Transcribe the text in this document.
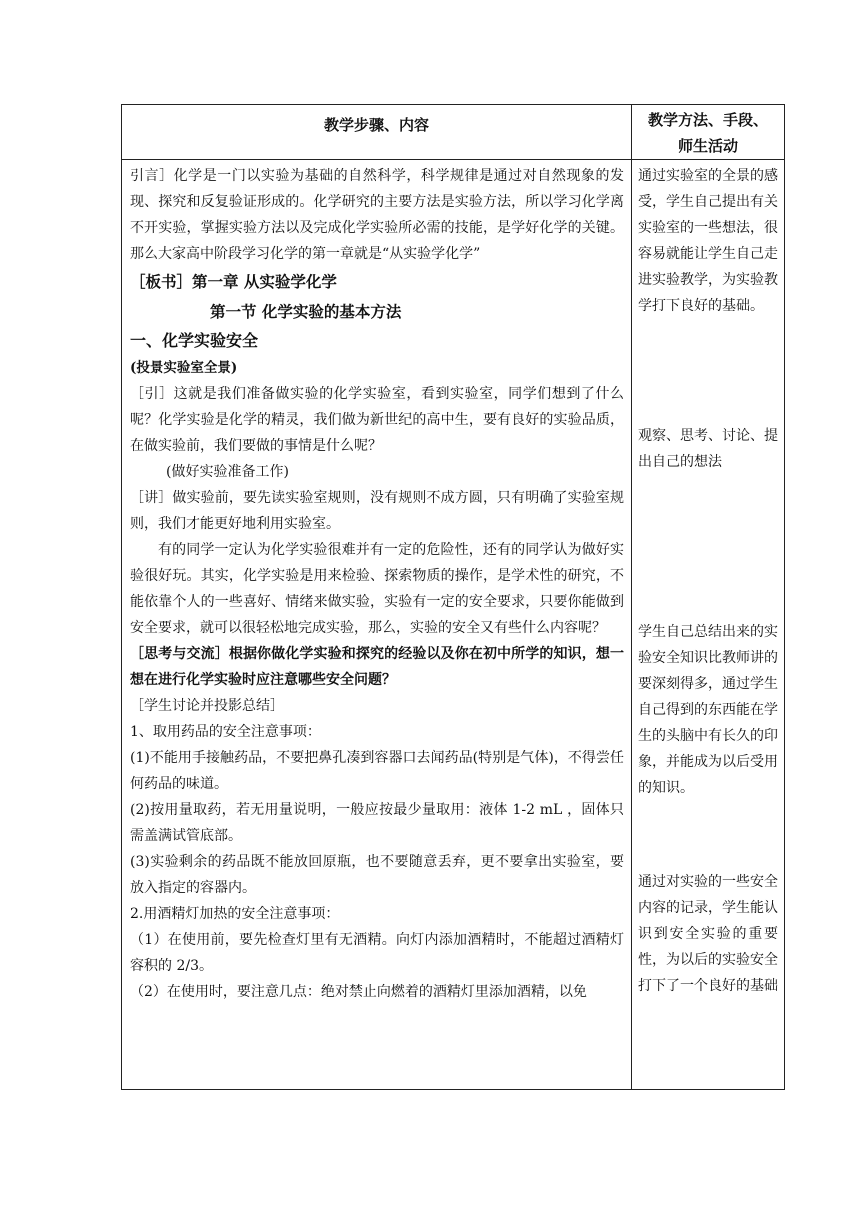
教学步骤、内容	教学方法、手段、
师生活动

引言］化学是一门以实验为基础的自然科学，科学规律是通过对自然现象的发现、探究和反复验证形成的。化学研究的主要方法是实验方法，所以学习化学离不开实验，掌握实验方法以及完成化学实验所必需的技能，是学好化学的关键。那么大家高中阶段学习化学的第一章就是“从实验学化学”

［板书］第一章 从实验学化学

第一节 化学实验的基本方法

一、化学实验安全

(投景实验室全景)

［引］这就是我们准备做实验的化学实验室，看到实验室，同学们想到了什么呢？化学实验是化学的精灵，我们做为新世纪的高中生，要有良好的实验品质，在做实验前，我们要做的事情是什么呢？

(做好实验准备工作)

［讲］做实验前，要先读实验室规则，没有规则不成方圆，只有明确了实验室规则，我们才能更好地利用实验室。

有的同学一定认为化学实验很难并有一定的危险性，还有的同学认为做好实验很好玩。其实，化学实验是用来检验、探索物质的操作，是学术性的研究，不能依靠个人的一些喜好、情绪来做实验，实验有一定的安全要求，只要你能做到安全要求，就可以很轻松地完成实验，那么，实验的安全又有些什么内容呢？

［思考与交流］根据你做化学实验和探究的经验以及你在初中所学的知识，想一想在进行化学实验时应注意哪些安全问题？

［学生讨论并投影总结］

1、取用药品的安全注意事项：

(1)不能用手接触药品，不要把鼻孔凑到容器口去闻药品(特别是气体)，不得尝任何药品的味道。

(2)按用量取药，若无用量说明，一般应按最少量取用：液体 1-2 mL ，固体只需盖满试管底部。

(3)实验剩余的药品既不能放回原瓶，也不要随意丢弃，更不要拿出实验室，要放入指定的容器内。

2.用酒精灯加热的安全注意事项：

（1）在使用前，要先检查灯里有无酒精。向灯内添加酒精时，不能超过酒精灯容积的 2/3。

（2）在使用时，要注意几点：绝对禁止向燃着的酒精灯里添加酒精，以免

通过实验室的全景的感受，学生自己提出有关实验室的一些想法，很容易就能让学生自己走进实验教学，为实验教学打下良好的基础。
观察、思考、讨论、提出自己的想法
学生自己总结出来的实验安全知识比教师讲的要深刻得多，通过学生自己得到的东西能在学生的头脑中有长久的印象，并能成为以后受用的知识。
通过对实验的一些安全内容的记录，学生能认识到安全实验的重要性，为以后的实验安全打下了一个良好的基础
